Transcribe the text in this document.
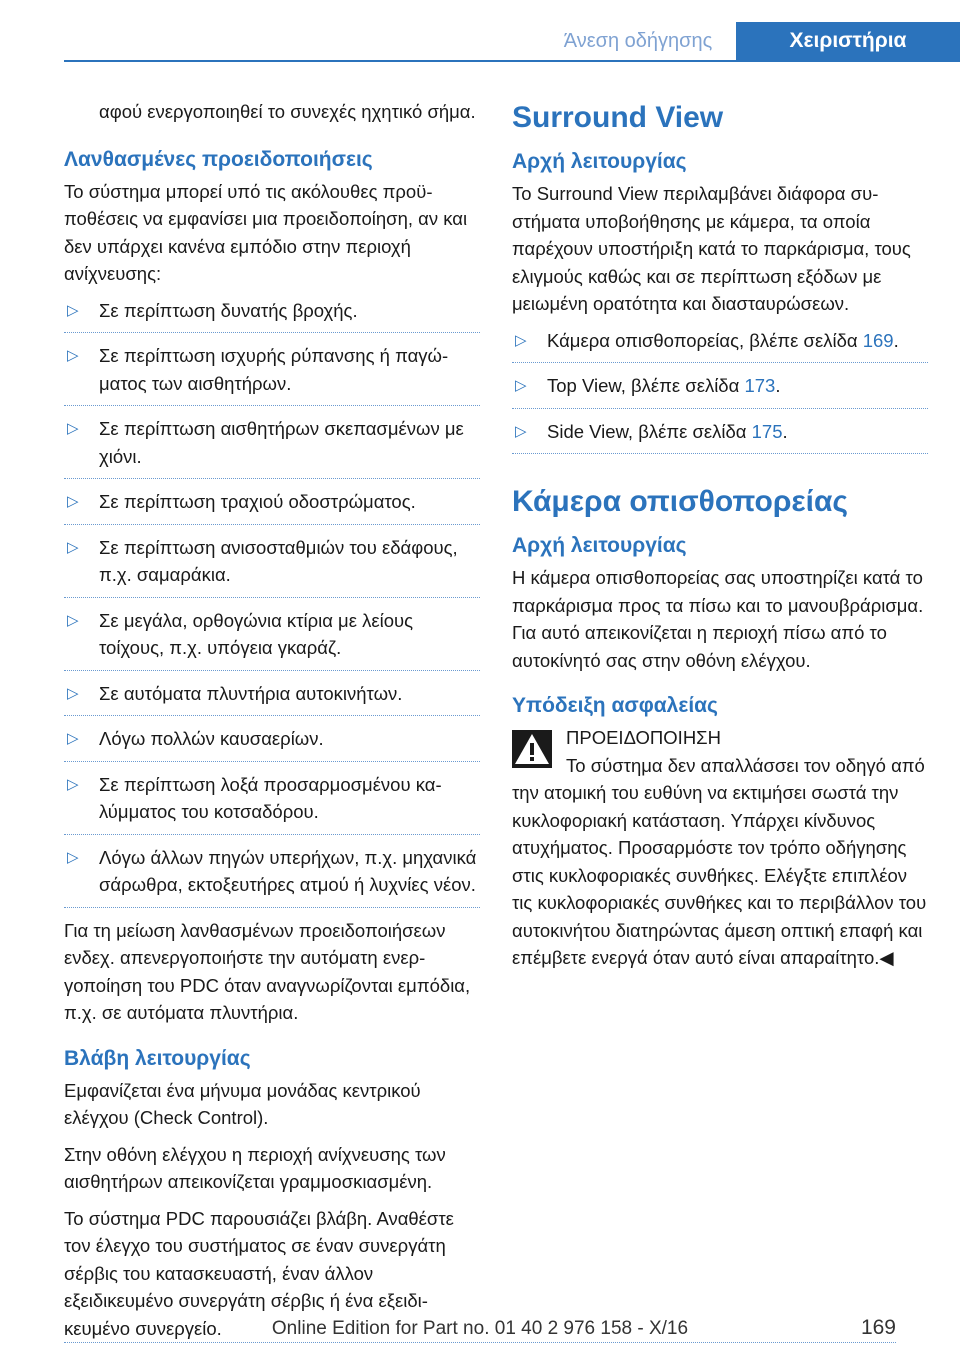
Άνεση οδήγησης	Χειριστήρια

αφού ενεργοποιηθεί το συνεχές ηχητικό σήμα.

Λανθασμένες προειδοποιήσεις

Το σύστημα μπορεί υπό τις ακόλουθες προϋποθέσεις να εμφανίσει μια προειδοποίηση, αν και δεν υπάρχει κανένα εμπόδιο στην περιοχή ανίχνευσης:

▷ Σε περίπτωση δυνατής βροχής.
▷ Σε περίπτωση ισχυρής ρύπανσης ή παγώματος των αισθητήρων.
▷ Σε περίπτωση αισθητήρων σκεπασμένων με χιόνι.
▷ Σε περίπτωση τραχιού οδοστρώματος.
▷ Σε περίπτωση ανισοσταθμιών του εδάφους, π.χ. σαμαράκια.
▷ Σε μεγάλα, ορθογώνια κτίρια με λείους τοίχους, π.χ. υπόγεια γκαράζ.
▷ Σε αυτόματα πλυντήρια αυτοκινήτων.
▷ Λόγω πολλών καυσαερίων.
▷ Σε περίπτωση λοξά προσαρμοσμένου καλύμματος του κοτσαδόρου.
▷ Λόγω άλλων πηγών υπερήχων, π.χ. μηχανικά σάρωθρα, εκτοξευτήρες ατμού ή λυχνίες νέον.

Για τη μείωση λανθασμένων προειδοποιήσεων ενδεχ. απενεργοποιήστε την αυτόματη ενεργοποίηση του PDC όταν αναγνωρίζονται εμπόδια, π.χ. σε αυτόματα πλυντήρια.

Βλάβη λειτουργίας

Εμφανίζεται ένα μήνυμα μονάδας κεντρικού ελέγχου (Check Control).

Στην οθόνη ελέγχου η περιοχή ανίχνευσης των αισθητήρων απεικονίζεται γραμμοσκιασμένη.

Το σύστημα PDC παρουσιάζει βλάβη. Αναθέστε τον έλεγχο του συστήματος σε έναν συνεργάτη σέρβις του κατασκευαστή, έναν άλλον εξειδικευμένο συνεργάτη σέρβις ή ένα εξειδικευμένο συνεργείο.

Surround View
Αρχή λειτουργίας

Το Surround View περιλαμβάνει διάφορα συστήματα υποβοήθησης με κάμερα, τα οποία παρέχουν υποστήριξη κατά το παρκάρισμα, τους ελιγμούς καθώς και σε περίπτωση εξόδων με μειωμένη ορατότητα και διασταυρώσεων.

▷ Κάμερα οπισθοπορείας, βλέπε σελίδα 169.
▷ Top View, βλέπε σελίδα 173.
▷ Side View, βλέπε σελίδα 175.
Κάμερα οπισθοπορείας
Αρχή λειτουργίας

Η κάμερα οπισθοπορείας σας υποστηρίζει κατά το παρκάρισμα προς τα πίσω και το μανουβράρισμα. Για αυτό απεικονίζεται η περιοχή πίσω από το αυτοκίνητό σας στην οθόνη ελέγχου.

Υπόδειξη ασφαλείας
ΠΡΟΕΙΔΟΠΟΙΗΣΗ
Το σύστημα δεν απαλλάσσει τον οδηγό από την ατομική του ευθύνη να εκτιμήσει σωστά την κυκλοφοριακή κατάσταση. Υπάρχει κίνδυνος ατυχήματος. Προσαρμόστε τον τρόπο οδήγησης στις κυκλοφοριακές συνθήκες. Ελέγξτε επιπλέον τις κυκλοφοριακές συνθήκες και το περιβάλλον του αυτοκινήτου διατηρώντας άμεση οπτική επαφή και επέμβετε ενεργά όταν αυτό είναι απαραίτητο.◀
Online Edition for Part no. 01 40 2 976 158 - X/16	169
